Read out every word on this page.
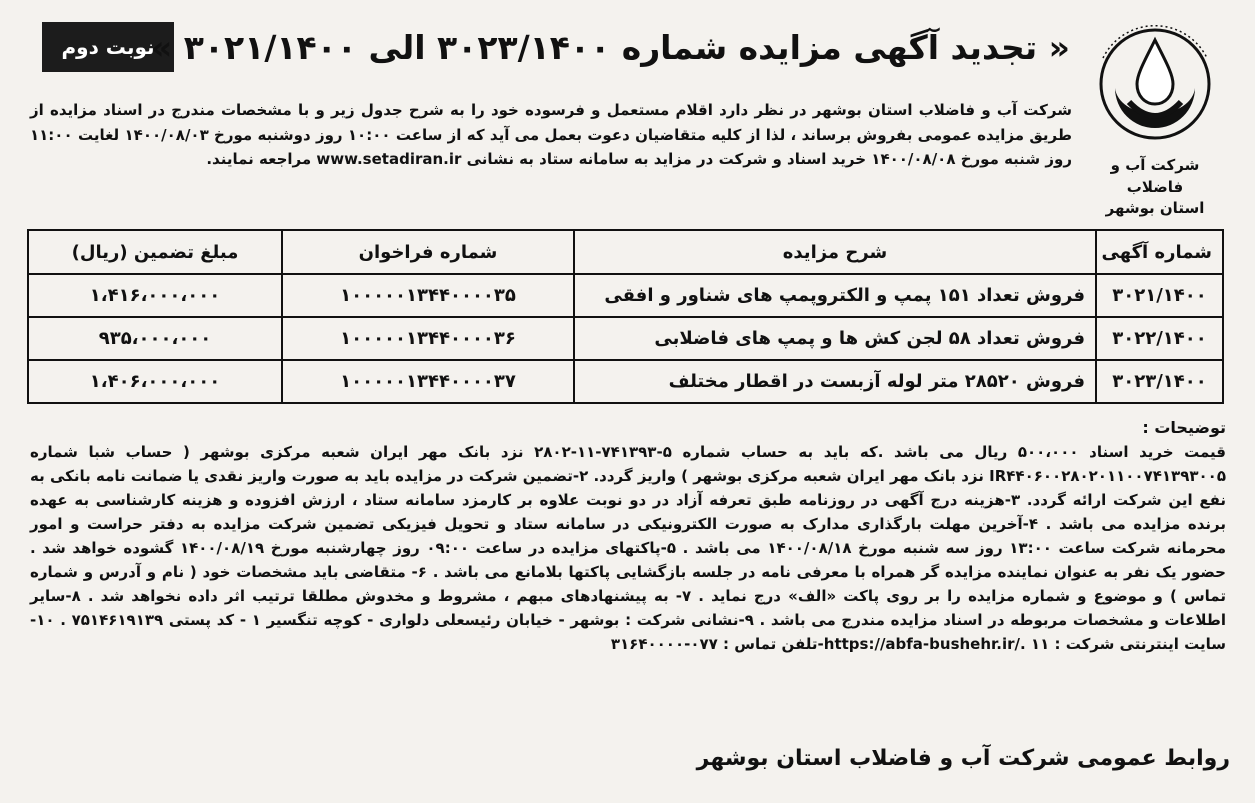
نوبت دوم
« تجدید آگهی مزایده شماره ۳۰۲۳/۱۴۰۰ الی ۳۰۲۱/۱۴۰۰ »
شرکت آب و فاضلاب
استان بوشهر
شرکت آب و فاضلاب استان بوشهر در نظر دارد اقلام مستعمل و فرسوده خود را به شرح جدول زیر و با مشخصات مندرج در اسناد مزایده از طریق مزایده عمومی بفروش برساند ، لذا از کلیه متقاضیان دعوت بعمل می آید که از ساعت ۱۰:۰۰ روز دوشنبه مورخ ۱۴۰۰/۰۸/۰۳ لغایت ۱۱:۰۰ روز شنبه مورخ ۱۴۰۰/۰۸/۰۸ خرید اسناد و شرکت در مزاید به سامانه ستاد به نشانی www.setadiran.ir مراجعه نمایند.
شماره آگهی	شرح مزایده	شماره فراخوان	مبلغ تضمین (ریال)
۳۰۲۱/۱۴۰۰	فروش تعداد ۱۵۱ پمپ و الکتروپمپ های شناور و افقی	۱۰۰۰۰۰۱۳۴۴۰۰۰۰۳۵	۱،۴۱۶،۰۰۰،۰۰۰
۳۰۲۲/۱۴۰۰	فروش تعداد ۵۸ لجن کش ها و پمپ های فاضلابی	۱۰۰۰۰۰۱۳۴۴۰۰۰۰۳۶	۹۳۵،۰۰۰،۰۰۰
۳۰۲۳/۱۴۰۰	فروش ۲۸۵۲۰ متر لوله آزبست در اقطار مختلف	۱۰۰۰۰۰۱۳۴۴۰۰۰۰۳۷	۱،۴۰۶،۰۰۰،۰۰۰
توضیحات :
قیمت خرید اسناد ۵۰۰،۰۰۰ ریال می باشد .که باید به حساب شماره ۵-۷۴۱۳۹۳-۱۱-۲۸۰۲ نزد بانک مهر ایران شعبه مرکزی بوشهر ( حساب شبا شماره IR۴۴۰۶۰۰۲۸۰۲۰۱۱۰۰۷۴۱۳۹۳۰۰۵ نزد بانک مهر ایران شعبه مرکزی بوشهر ) واریز گردد. ۲-تضمین شرکت در مزایده باید به صورت واریز نقدی یا ضمانت نامه بانکی به نفع این شرکت ارائه گردد. ۳-هزینه درج آگهی در روزنامه طبق تعرفه آزاد در دو نوبت علاوه بر کارمزد سامانه ستاد ، ارزش افزوده و هزینه کارشناسی به عهده برنده مزایده می باشد . ۴-آخرین مهلت بارگذاری مدارک به صورت الکترونیکی در سامانه ستاد و تحویل فیزیکی تضمین شرکت مزایده به دفتر حراست و امور محرمانه شرکت ساعت ۱۳:۰۰ روز سه شنبه مورخ ۱۴۰۰/۰۸/۱۸ می باشد . ۵-پاکتهای مزایده در ساعت ۰۹:۰۰ روز چهارشنبه مورخ ۱۴۰۰/۰۸/۱۹ گشوده خواهد شد . حضور یک نفر به عنوان نماینده مزایده گر همراه با معرفی نامه در جلسه بازگشایی پاکتها بلامانع می باشد . ۶- متقاضی باید مشخصات خود ( نام و آدرس و شماره تماس ) و موضوع و شماره مزایده را بر روی پاکت «الف» درج نماید . ۷- به پیشنهادهای مبهم ، مشروط و مخدوش مطلقا ترتیب اثر داده نخواهد شد . ۸-سایر اطلاعات و مشخصات مربوطه در اسناد مزایده مندرج می باشد . ۹-نشانی شرکت : بوشهر - خیابان رئیسعلی دلواری - کوچه تنگسیر ۱ - کد پستی ۷۵۱۴۶۱۹۱۳۹ . ۱۰-سایت اینترنتی شرکت : https://abfa-bushehr.ir/. ۱۱-تلفن تماس : ۰۷۷-۳۱۶۴۰۰۰۰
روابط عمومی شرکت آب و فاضلاب استان بوشهر
